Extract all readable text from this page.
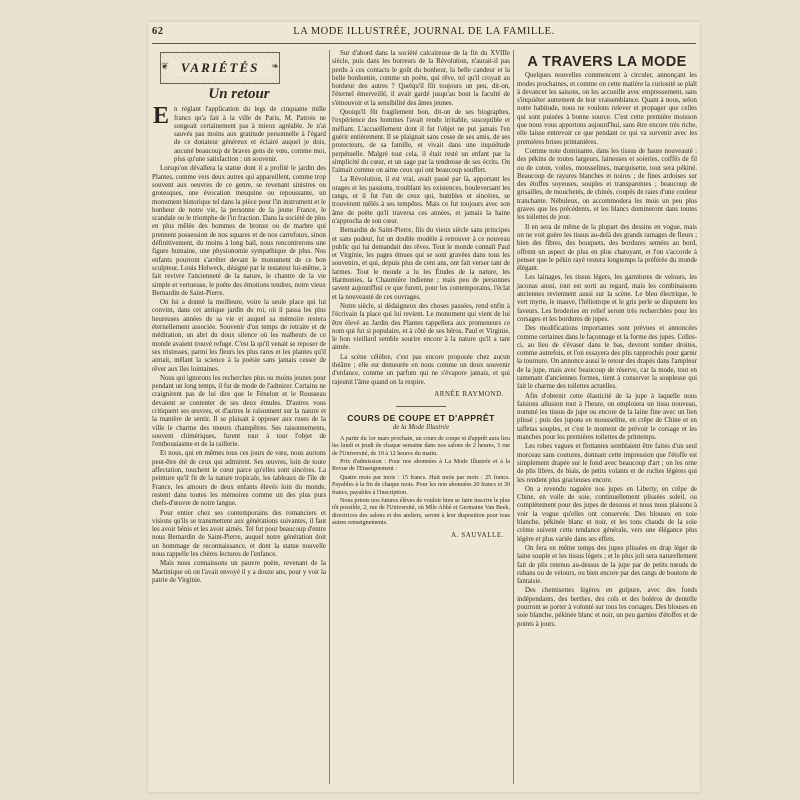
62	LA MODE ILLUSTRÉE, JOURNAL DE LA FAMILLE.
❦ VARIÉTÉS	❧
Un retour
E n réglant l'application du legs de cinquante mille francs qu'a fait à la ville de Paris, M. Patrois ne songeait certainement pas à mieux agréable. Je n'ai sauvés pas moins aux gratitude personnelle à l'égard de ce donateur généreux et éclairé auquel je dois, aucuné beaucoup de braves gens de vœu, comme moi, plus qu'une satisfaction : un souvenir.

Lorsqu'on dévallera la statue dont il a profité le jardin des Plantes, comme vers deux autres qui appareillent, comme trop souvent aux oeuvres de ce genre, se revenant sinistres ou grotesques, une évocation mesquine ou repoussante, un monument historique tel dans la pièce pour l'in instrument et le bonheur de notre vie, la personne de la jeune France, le scandale ou le triomphe de l'in fraction. Dans la société de plus en plus mêlée des hommes de bronze ou de marbre qui prennent possession de nos squares et de nos carrefours, sinon définitivement, du moins à long bail, nous rencontrerons une figure humaine, une physionomie sympathique de plus. Nos enfants pourront s'arrêter devant le monument de ce bon sculpteur, Louis Holweck, désigné par le testateur lui-même, à fait revivre l'ancienneté de la nature, le chantre de la vie simple et vertueuse, le poète des émotions tendres, notre vieux Bernardin de Saint-Pierre.

On lui a donné la meilleure, voire la seule place qui lui convint, dans cet antique jardin du roi, où il passa les plus heureuses années de sa vie et auquel sa mémoire restera éternellement associée. Souvenir d'un temps de retraite et de méditation, un abri du doux silence où les malheurs de ce monde avaient trouvé refuge. C'est là qu'il venait se reposer de ses tristesses, parmi les fleurs les plus rares et les plantes qu'il aimait, mêlant la science à la poésie sans jamais cesser de rêver aux îles lointaines.

Nous qui ignorons les recherches plus ou moins jeunes pour pendant un long temps, il fut de mode de l'admirer. Certains ne craignirent pas de lui dire que le Fénelon et le Rousseau devaient se contenter de ses deux émules. D'autres vous critiquent ses œuvres, et d'autres le raisonnent sur la nature et la manière de sentir. Il se plaisait à opposer aux ruses de la ville le charme des mœurs champêtres. Ses raisonnements, souvent chimériques, furent tour à tour l'objet de l'enthousiasme et de la raillerie.

Et nous, qui en mêmes tous ces jours de vœu, nous aurions peut-être été de ceux qui admirent. Ses œuvres, loin de toute affectation, touchent le cœur parce qu'elles sont sincères. La peinture qu'il fit de la nature tropicale, les tableaux de l'île de France, les amours de deux enfants élevés loin du monde, restent dans toutes les mémoires comme un des plus purs chefs-d'œuvre de notre langue.

Pour entier chez ses contemporains des romanciers et visions qu'ils se transmettent aux générations suivantes, il faut les avoir bénis et les avoir aimés. Tel fut pour beaucoup d'entre nous Bernardin de Saint-Pierre, auquel notre génération doit un hommage de reconnaissance, et dont la statue nouvelle nous rappelle les chères lectures de l'enfance.

Mais nous connaissons un pauvre poète, revenant de la Martinique où on l'avait envoyé il y a douze ans, pour y voir la patrie de Virginie.

Sur d'abord dans la société calcaireuse de la fin du XVIIIe siècle, puis dans les horreurs de la Révolution, n'aurait-il pas perdu à ces contacts le goût du bonheur, la belle candeur et la belle bonhomie, comme un poète, qui rêve, tel qu'il croyait au bonheur des autres ? Quelqu'il fût toujours un peu, dit-on, l'éternel émerveillé, il avait gardé jusqu'au bout la faculté de s'émouvoir et la sensibilité des âmes jeunes.

Quoiqu'il fût fragilement bon, dit-on de ses biographes, l'expérience des hommes l'avait rendu irritable, susceptible et méfiant. L'accueillement dont il fut l'objet ne put jamais l'en guérir entièrement. Il se plaignait sans cesse de ses amis, de ses protecteurs, de sa famille, et vivait dans une inquiétude perpétuelle. Malgré tout cela, il était resté un enfant par la simplicité du cœur, et un sage par la tendresse de ses écrits. On l'aimait comme on aime ceux qui ont beaucoup souffert.

La Révolution, il est vrai, avait passé par là, apportant les orages et les passions, troublant les existences, bouleversant les rangs, et il fut l'un de ceux qui, humbles et sincères, se trouvèrent mêlés à ses tempêtes. Mais ce fut toujours avec son âme de poète qu'il traversa ces années, et jamais la haine n'approcha de son cœur.

Bernardin de Saint-Pierre, fils du vieux siècle sans principes et sans pudeur, fut un double modèle à retrouver à ce nouveau public qui lui demandait des rêves. Tout le monde connaît Paul et Virginie, les pages émues qui se sont gravées dans tous les souvenirs, et qui, depuis plus de cent ans, ont fait verser tant de larmes. Tout le monde a lu les Études de la nature, les Harmonies, la Chaumière indienne ; mais peu de personnes savent aujourd'hui ce que furent, pour les contemporains, l'éclat et la nouveauté de ces ouvrages.

Notre siècle, si dédaigneux des choses passées, rend enfin à l'écrivain la place qui lui revient. Le monument qui vient de lui être élevé au Jardin des Plantes rappellera aux promeneurs ce nom qui fut si populaire, et à côté de ses héros, Paul et Virginie, le bon vieillard semble sourire encore à la nature qu'il a tant aimée.

La scène célèbre, c'est pas encore proposée chez aucun théâtre ; elle est demeurée en nous comme un doux souvenir d'enfance, comme un parfum qui ne s'évapore jamais, et qui rajeunit l'âme quand on la respire.

ARNÉE RAYMOND.
COURS DE COUPE ET D'APPRÊT
de la Mode Illustrée

A partir du 1er mars prochain, un cours de coupe et d'apprêt aura lieu les lundi et jeudi de chaque semaine dans nos salons de 2 heures, 5 rue de l'Université, de 10 à 12 heures du matin.

Prix d'admission : Pour nos abonnées à La Mode Illustrée et à la Revue de l'Enseignement :

Quatre mois par mois : 15 francs. Huit mois par mois : 25 francs. Payables à la fin de chaque mois. Pour les non abonnées 20 francs et 30 francs, payables à l'inscription.

Nous prions nos futures élèves de vouloir bien se faire inscrire le plus tôt possible, 2, rue de l'Université, où Mlle Abbé et Germaine Van Beek, directrices des salons et des ateliers, seront à leur disposition pour tous autres renseignements.

A. SAUVALLE.
A TRAVERS LA MODE

Quelques nouvelles commencent à circuler, annonçant les modes prochaines, et comme on cette matière la curiosité se plaît à devancer les saisons, on les accueille avec empressement, sans s'inquiéter autrement de leur vraisemblance. Quant à nous, selon notre habitude, nous ne voulons relever et propager que celles qui sont puisées à bonne source. C'est cette première moisson que nous vous apportons aujourd'hui, sans être encore très riche, elle laisse entrevoir ce que pendant ce qui va survenir avec les premières brises printanières.

Comme note dominante, dans les tissus de haute nouveauté : des pékins de toutes largeurs, laineuses et soieries, coiffés de fil ou de coton, voiles, mousselines, marquisette, tout sera pékiné. Beaucoup de rayures blanches et noires ; de fines ardoises sur des étoffes soyeuses, souples et transparentes ; beaucoup de grisailles, de mouchetés, de chinés, coupés de raies d'une couleur tranchante. Nébuleux, on accommodera les mois un peu plus graves que les précédents, et les blancs domineront dans toutes les toilettes de jour.

Il en sera de même de la plupart des dessins en vogue, mais on ne voit guère les tissus au-delà des grands ramages de fleurs ; bien des fibres, des bouquets, des bordures semées au bord, offrent un aspect de plus en plus chatoyant, et l'on s'accorde à penser que le pékin rayé restera longtemps la préférée du monde élégant.

Les lainages, les tissus légers, les garnitures de velours, les jaconas aussi, tout est sorti au regard, mais les combinaisons anciennes reviennent aussi sur la scène. Le bleu électrique, le vert myrte, le mauve, l'héliotrope et le gris perle se disputent les faveurs. Les broderies en relief seront très recherchées pour les corsages et les bordures de jupes.

Des modifications importantes sont prévues et annoncées comme certaines dans le façonnage et la forme des jupes. Celles-ci, au lieu de s'évaser dans le bas, devront tomber droites, comme autrefois, et l'on essayera des plis rapprochés pour garnir la tournure. On annonce aussi le retour des drapés dans l'ampleur de la jupe, mais avec beaucoup de réserve, car la mode, tout en ramenant d'anciennes formes, tient à conserver la souplesse qui fait le charme des toilettes actuelles.

Afin d'obtenir cette élasticité de la jupe à laquelle nous faisions allusion tout à l'heure, on emploiera un tissu nouveau, nommé les tissus de jupe ou encore de la laine fine avec un lien plissé ; puis des jupons en mousseline, en crêpe de Chine et en taffetas souples, et c'est le moment de prévoir le corsage et les manches pour les premières toilettes de printemps.

Les robes vagues et flottantes semblaient être faites d'un seul morceau sans coutures, donnant cette impression que l'étoffe est simplement drapée sur le fond avec beaucoup d'art ; on les orne de plis libres, de biais, de petits volants et de ruches légères qui les rendent plus gracieuses encore.

On a revendu naguère nos jupes en Liberty, en crêpe de Chine, en voile de soie, continuellement plissées soleil, ou complètement pour des jupes de dessous et nous nous plaisons à voir la vogue qu'elles ont conservée. Des blouses en soie blanche, pékinée blanc et noir, et les tons chauds de la soie crème suivent cette tendance générale, vers une élégance plus légère et plus variée dans ses effets.

On fera en même temps des jupes plissées en drap léger de laine souple et les tissus légers ; et le plus joli sera naturellement fait de plis retenus au-dessus de la jupe par de petits nœuds de rubans ou de velours, ou bien encore par des rangs de boutons de fantaisie.

Des chemisettes légères en guipure, avec des fonds indépendants, des berthes, des cols et des boléros de dentelle pourront se porter à volonté sur tous les corsages. Des blouses en soie blanche, pékinée blanc et noir, un peu garnies d'étoffes et de points à jours.
